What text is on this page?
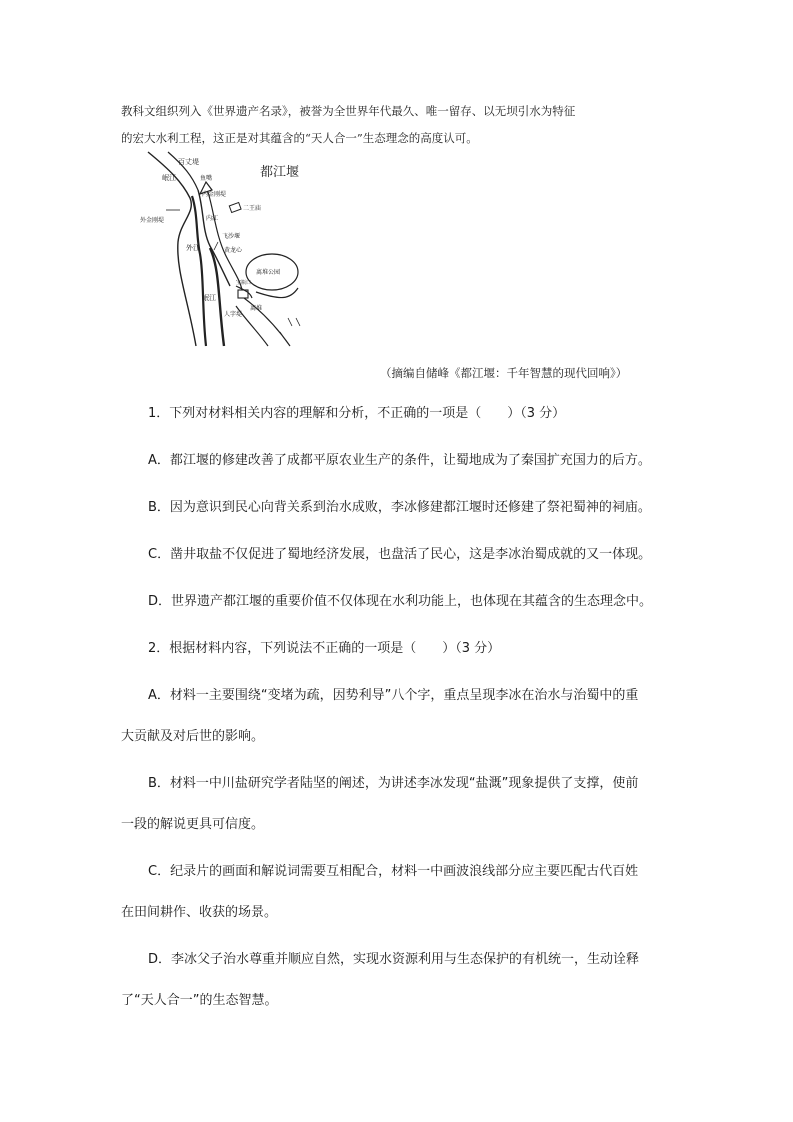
教科文组织列入《世界遗产名录》，被誉为全世界年代最久、唯一留存、以无坝引水为特征

的宏大水利工程，这正是对其蕴含的“天人合一”生态理念的高度认可。

都江堰
百丈堤
岷江	鱼嘴
内金刚堤
外金刚堤
二王庙
飞沙堰
内江
外江	黄龙心
离堆公园
岷江
人字堤
离堆
宝瓶口
（摘编自储峰《都江堰：千年智慧的现代回响》）
1．下列对材料相关内容的理解和分析，不正确的一项是（　　）（3 分）
A．都江堰的修建改善了成都平原农业生产的条件，让蜀地成为了秦国扩充国力的后方。
B．因为意识到民心向背关系到治水成败，李冰修建都江堰时还修建了祭祀蜀神的祠庙。
C．凿井取盐不仅促进了蜀地经济发展，也盘活了民心，这是李冰治蜀成就的又一体现。
D．世界遗产都江堰的重要价值不仅体现在水利功能上，也体现在其蕴含的生态理念中。
2．根据材料内容，下列说法不正确的一项是（　　）（3 分）
A．材料一主要围绕“变堵为疏，因势利导”八个字，重点呈现李冰在治水与治蜀中的重
大贡献及对后世的影响。
B．材料一中川盐研究学者陆坚的阐述，为讲述李冰发现“盐溉”现象提供了支撑，使前
一段的解说更具可信度。
C．纪录片的画面和解说词需要互相配合，材料一中画波浪线部分应主要匹配古代百姓
在田间耕作、收获的场景。
D．李冰父子治水尊重并顺应自然，实现水资源利用与生态保护的有机统一，生动诠释
了“天人合一”的生态智慧。
